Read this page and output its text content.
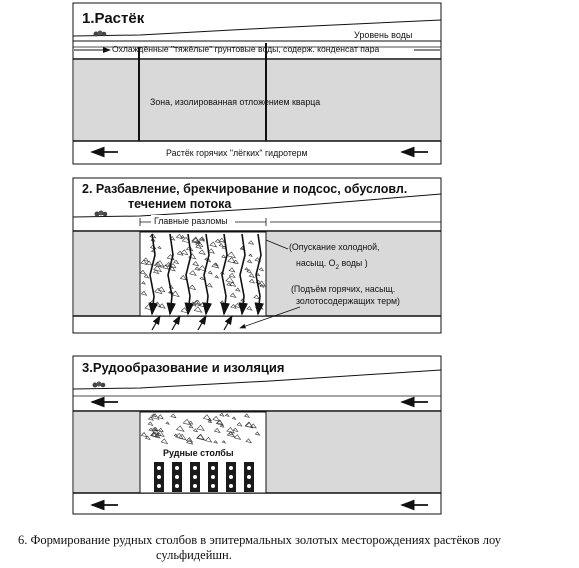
1.Растёк
Уровень воды
Охлаждённые "тяжёлые" грунтовые воды, содерж. конденсат пара
Зона, изолированная отложением кварца
Растёк горячих "лёгких" гидротерм
2. Разбавление, брекчирование и подсос, обусловл.
течением потока
Главные разломы
(Опускание холодной,
насыщ. $O_2$ воды )
(Подъём горячих, насыщ.
золотосодержащих терм)
3.Рудообразование и изоляция
Рудные столбы
6. Формирование рудных столбов в эпитермальных золотых месторождениях растёков лоу
сульфидейшн.
